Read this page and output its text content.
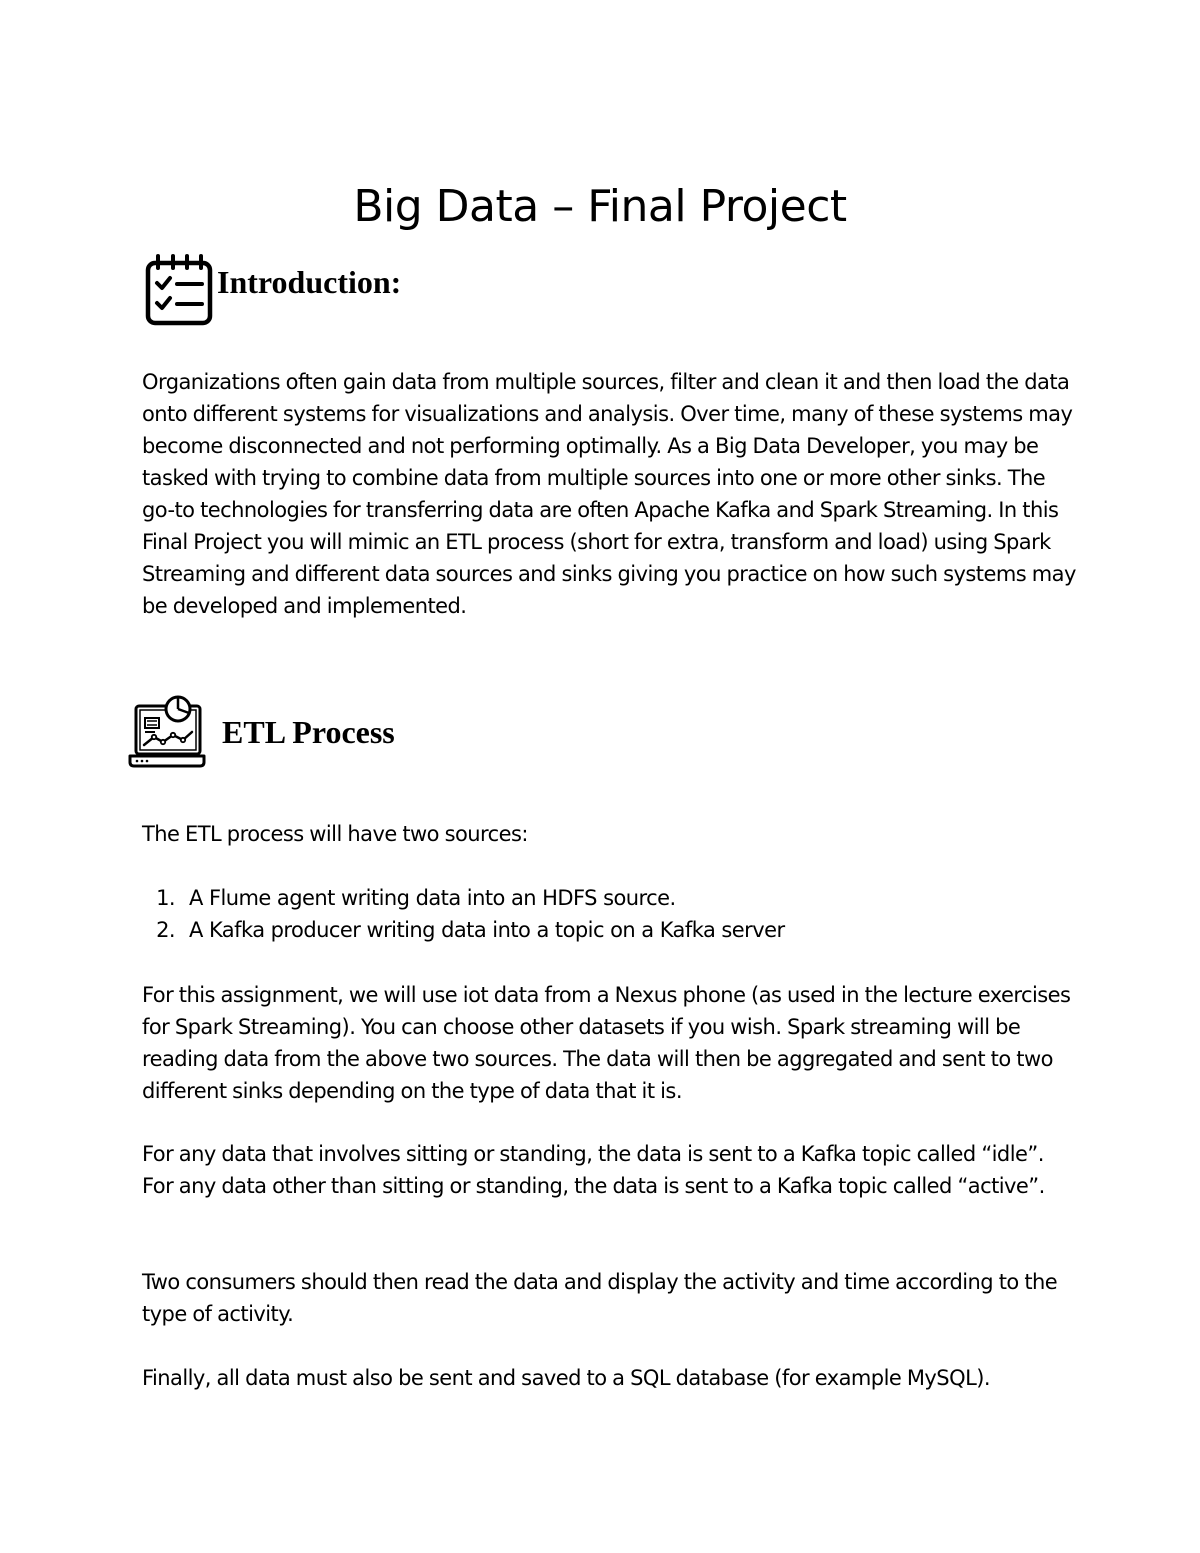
Big Data – Final Project
Introduction:

Organizations often gain data from multiple sources, filter and clean it and then load the data onto different systems for visualizations and analysis. Over time, many of these systems may become disconnected and not performing optimally. As a Big Data Developer, you may be tasked with trying to combine data from multiple sources into one or more other sinks. The go-to technologies for transferring data are often Apache Kafka and Spark Streaming. In this Final Project you will mimic an ETL process (short for extra, transform and load) using Spark Streaming and different data sources and sinks giving you practice on how such systems may be developed and implemented.

ETL Process

The ETL process will have two sources:

1. A Flume agent writing data into an HDFS source.
2. A Kafka producer writing data into a topic on a Kafka server

For this assignment, we will use iot data from a Nexus phone (as used in the lecture exercises for Spark Streaming). You can choose other datasets if you wish. Spark streaming will be reading data from the above two sources. The data will then be aggregated and sent to two different sinks depending on the type of data that it is.

For any data that involves sitting or standing, the data is sent to a Kafka topic called “idle”. For any data other than sitting or standing, the data is sent to a Kafka topic called “active”.

Two consumers should then read the data and display the activity and time according to the type of activity.

Finally, all data must also be sent and saved to a SQL database (for example MySQL).
